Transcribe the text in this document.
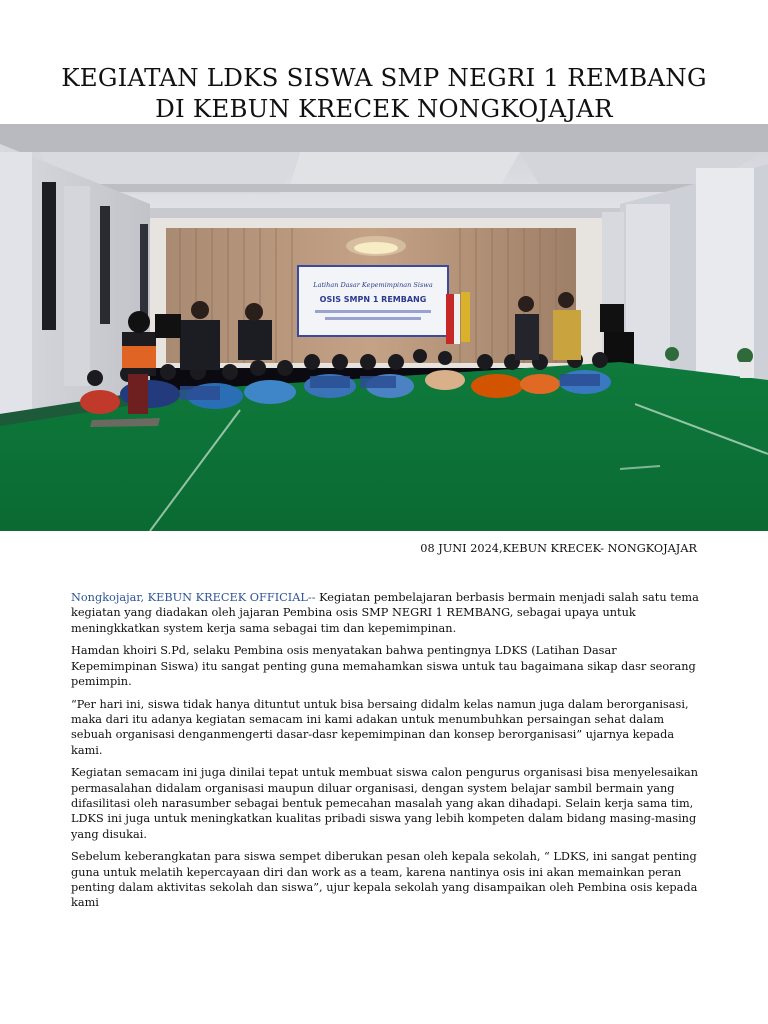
KEGIATAN LDKS SISWA SMP NEGRI 1 REMBANG
DI KEBUN KRECEK NONGKOJAJAR
Latihan Dasar Kepemimpinan Siswa
OSIS SMPN 1 REMBANG
08 JUNI 2024,KEBUN KRECEK- NONGKOJAJAR

Nongkojajar, KEBUN KRECEK OFFICIAL-- Kegiatan pembelajaran berbasis bermain menjadi salah satu tema kegiatan yang diadakan oleh jajaran Pembina osis SMP NEGRI 1 REMBANG, sebagai upaya untuk meningkkatkan system kerja sama sebagai tim dan kepemimpinan.

Hamdan khoiri S.Pd, selaku Pembina osis menyatakan bahwa pentingnya LDKS (Latihan Dasar Kepemimpinan Siswa) itu sangat penting guna memahamkan siswa untuk tau bagaimana sikap dasr seorang pemimpin.

“Per hari ini, siswa tidak hanya dituntut untuk bisa bersaing didalm kelas namun juga dalam berorganisasi, maka dari itu adanya kegiatan semacam ini kami adakan untuk menumbuhkan persaingan sehat dalam sebuah organisasi denganmengerti dasar-dasr kepemimpinan dan konsep berorganisasi” ujarnya kepada kami.

Kegiatan semacam ini juga dinilai tepat untuk membuat siswa calon pengurus organisasi bisa menyelesaikan permasalahan didalam organisasi maupun diluar organisasi, dengan system belajar sambil bermain yang difasilitasi oleh narasumber sebagai bentuk pemecahan masalah yang akan dihadapi. Selain kerja sama tim, LDKS ini juga untuk meningkatkan kualitas pribadi siswa yang lebih kompeten dalam bidang masing-masing yang disukai.

Sebelum keberangkatan para siswa sempet diberukan pesan oleh kepala sekolah, “ LDKS, ini sangat penting guna untuk melatih kepercayaan diri dan work as a team, karena nantinya osis ini akan memainkan peran penting dalam aktivitas sekolah dan siswa”, ujur kepala sekolah yang disampaikan oleh Pembina osis kepada kami
